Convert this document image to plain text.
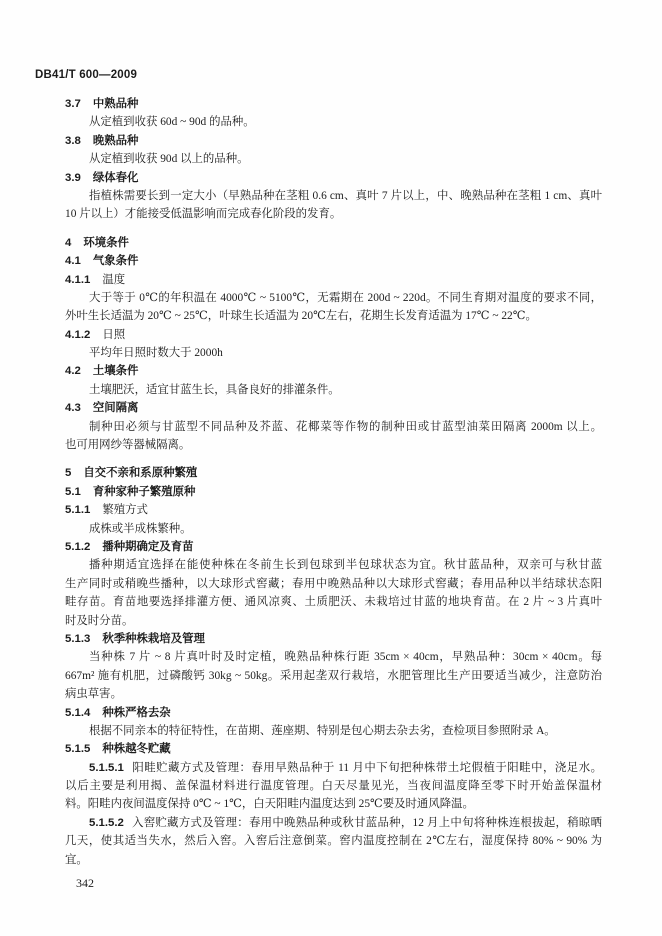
DB41/T 600—2009
3.7 中熟品种
从定植到收获 60d ~ 90d 的品种。
3.8 晚熟品种
从定植到收获 90d 以上的品种。
3.9 绿体春化
指植株需要长到一定大小（早熟品种在茎粗 0.6 cm、真叶 7 片以上，中、晚熟品种在茎粗 1 cm、真叶
10 片以上）才能接受低温影响而完成春化阶段的发育。
4 环境条件
4.1 气象条件
4.1.1 温度
大于等于 0℃的年积温在 4000℃ ~ 5100℃，无霜期在 200d ~ 220d。不同生育期对温度的要求不同，
外叶生长适温为 20℃ ~ 25℃，叶球生长适温为 20℃左右，花期生长发育适温为 17℃ ~ 22℃。
4.1.2 日照
平均年日照时数大于 2000h
4.2 土壤条件
土壤肥沃，适宜甘蓝生长，具备良好的排灌条件。
4.3 空间隔离
制种田必须与甘蓝型不同品种及芥蓝、花椰菜等作物的制种田或甘蓝型油菜田隔离 2000m 以上。
也可用网纱等器械隔离。
5 自交不亲和系原种繁殖
5.1 育种家种子繁殖原种
5.1.1 繁殖方式
成株或半成株繁种。
5.1.2 播种期确定及育苗
播种期适宜选择在能使种株在冬前生长到包球到半包球状态为宜。秋甘蓝品种，双亲可与秋甘蓝
生产同时或稍晚些播种，以大球形式窖藏；春用中晚熟品种以大球形式窖藏；春用品种以半结球状态阳
畦存苗。育苗地要选择排灌方便、通风凉爽、土质肥沃、未栽培过甘蓝的地块育苗。在 2 片 ~ 3 片真叶
时及时分苗。
5.1.3 秋季种株栽培及管理
当种株 7 片 ~ 8 片真叶时及时定植，晚熟品种株行距 35cm × 40cm，早熟品种：30cm × 40cm。每
667m² 施有机肥，过磷酸钙 30kg ~ 50kg。采用起垄双行栽培，水肥管理比生产田要适当减少，注意防治
病虫草害。
5.1.4 种株严格去杂
根据不同亲本的特征特性，在苗期、莲座期、特别是包心期去杂去劣，查检项目参照附录 A。
5.1.5 种株越冬贮藏
5.1.5.1 阳畦贮藏方式及管理：春用早熟品种于 11 月中下旬把种株带土坨假植于阳畦中，浇足水。
以后主要是利用揭、盖保温材料进行温度管理。白天尽量见光，当夜间温度降至零下时开始盖保温材
料。阳畦内夜间温度保持 0℃ ~ 1℃，白天阳畦内温度达到 25℃要及时通风降温。
5.1.5.2 入窖贮藏方式及管理：春用中晚熟品种或秋甘蓝品种，12 月上中旬将种株连根拔起，稍晾晒
几天，使其适当失水，然后入窖。入窖后注意倒菜。窖内温度控制在 2℃左右，湿度保持 80% ~ 90% 为
宜。
342
